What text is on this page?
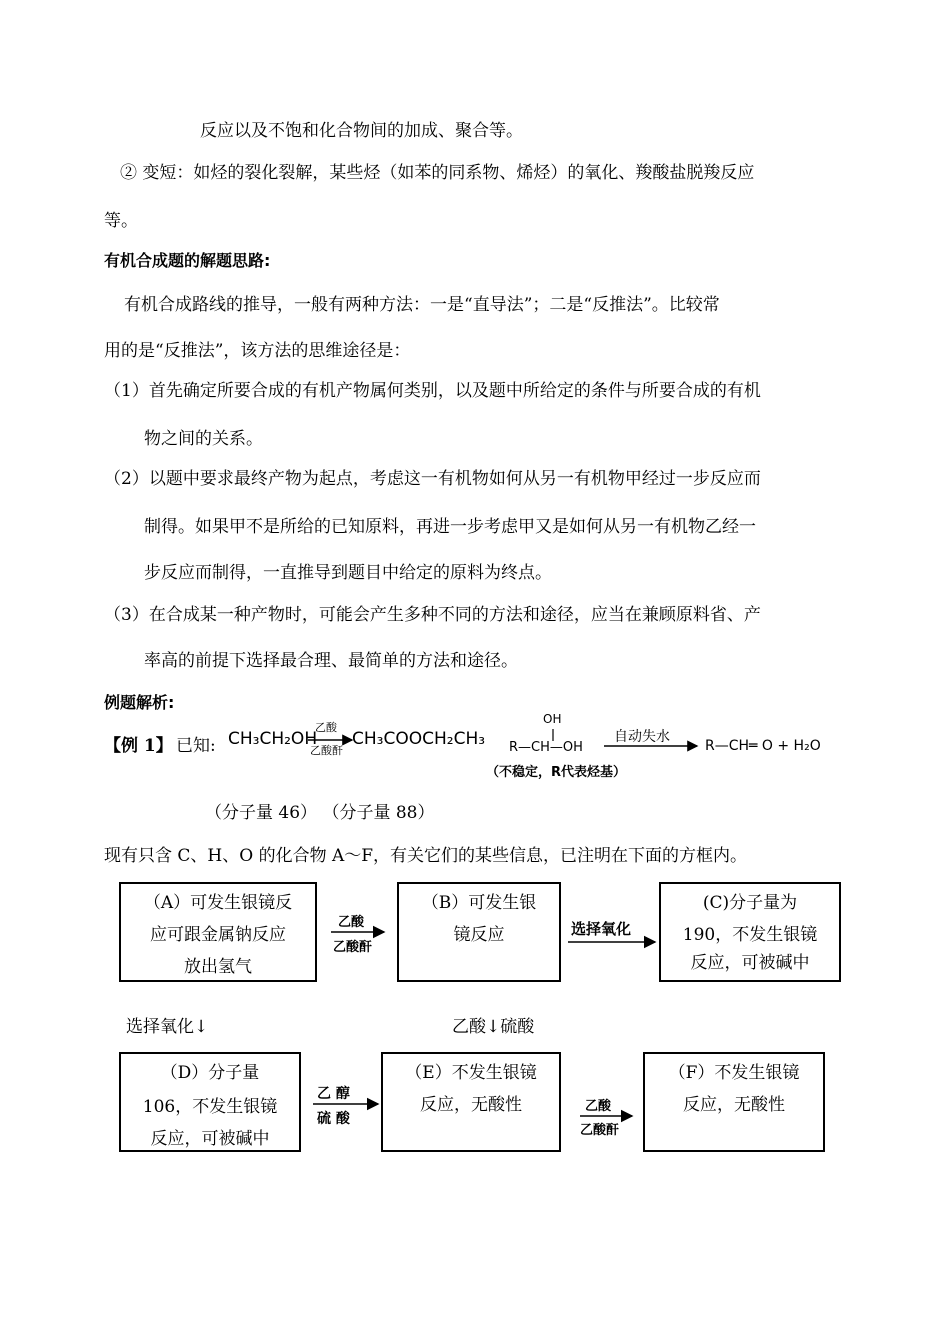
反应以及不饱和化合物间的加成、聚合等。
② 变短：如烃的裂化裂解，某些烃（如苯的同系物、烯烃）的氧化、羧酸盐脱羧反应
等。
有机合成题的解题思路:
有机合成路线的推导，一般有两种方法：一是“直导法”；二是“反推法”。比较常
用的是“反推法”，该方法的思维途径是：
（1）首先确定所要合成的有机产物属何类别，以及题中所给定的条件与所要合成的有机
物之间的关系。
（2）以题中要求最终产物为起点，考虑这一有机物如何从另一有机物甲经过一步反应而
制得。如果甲不是所给的已知原料，再进一步考虑甲又是如何从另一有机物乙经一
步反应而制得，一直推导到题目中给定的原料为终点。
（3）在合成某一种产物时，可能会产生多种不同的方法和途径，应当在兼顾原料省、产
率高的前提下选择最合理、最简单的方法和途径。
例题解析:
【例 1】 已知: CH₃CH₂OH
乙酸
乙酸酐
CH₃COOCH₂CH₃
OH
R—CH—OH
自动失水
R—CH═ O + H₂O
（不稳定，R代表烃基）
（分子量 46） （分子量 88）
现有只含 C、H、O 的化合物 A～F，有关它们的某些信息，已注明在下面的方框内。
（A）可发生银镜反
应可跟金属钠反应
放出氢气
（B）可发生银
镜反应
(C)分子量为
190，不发生银镜
反应，可被碱中
选择氧化↓	乙酸↓硫酸
（D）分子量
106，不发生银镜
反应，可被碱中
（E）不发生银镜
反应，无酸性
（F）不发生银镜
反应，无酸性
乙酸
乙酸酐
选择氧化
乙 醇
硫 酸
乙酸
乙酸酐
